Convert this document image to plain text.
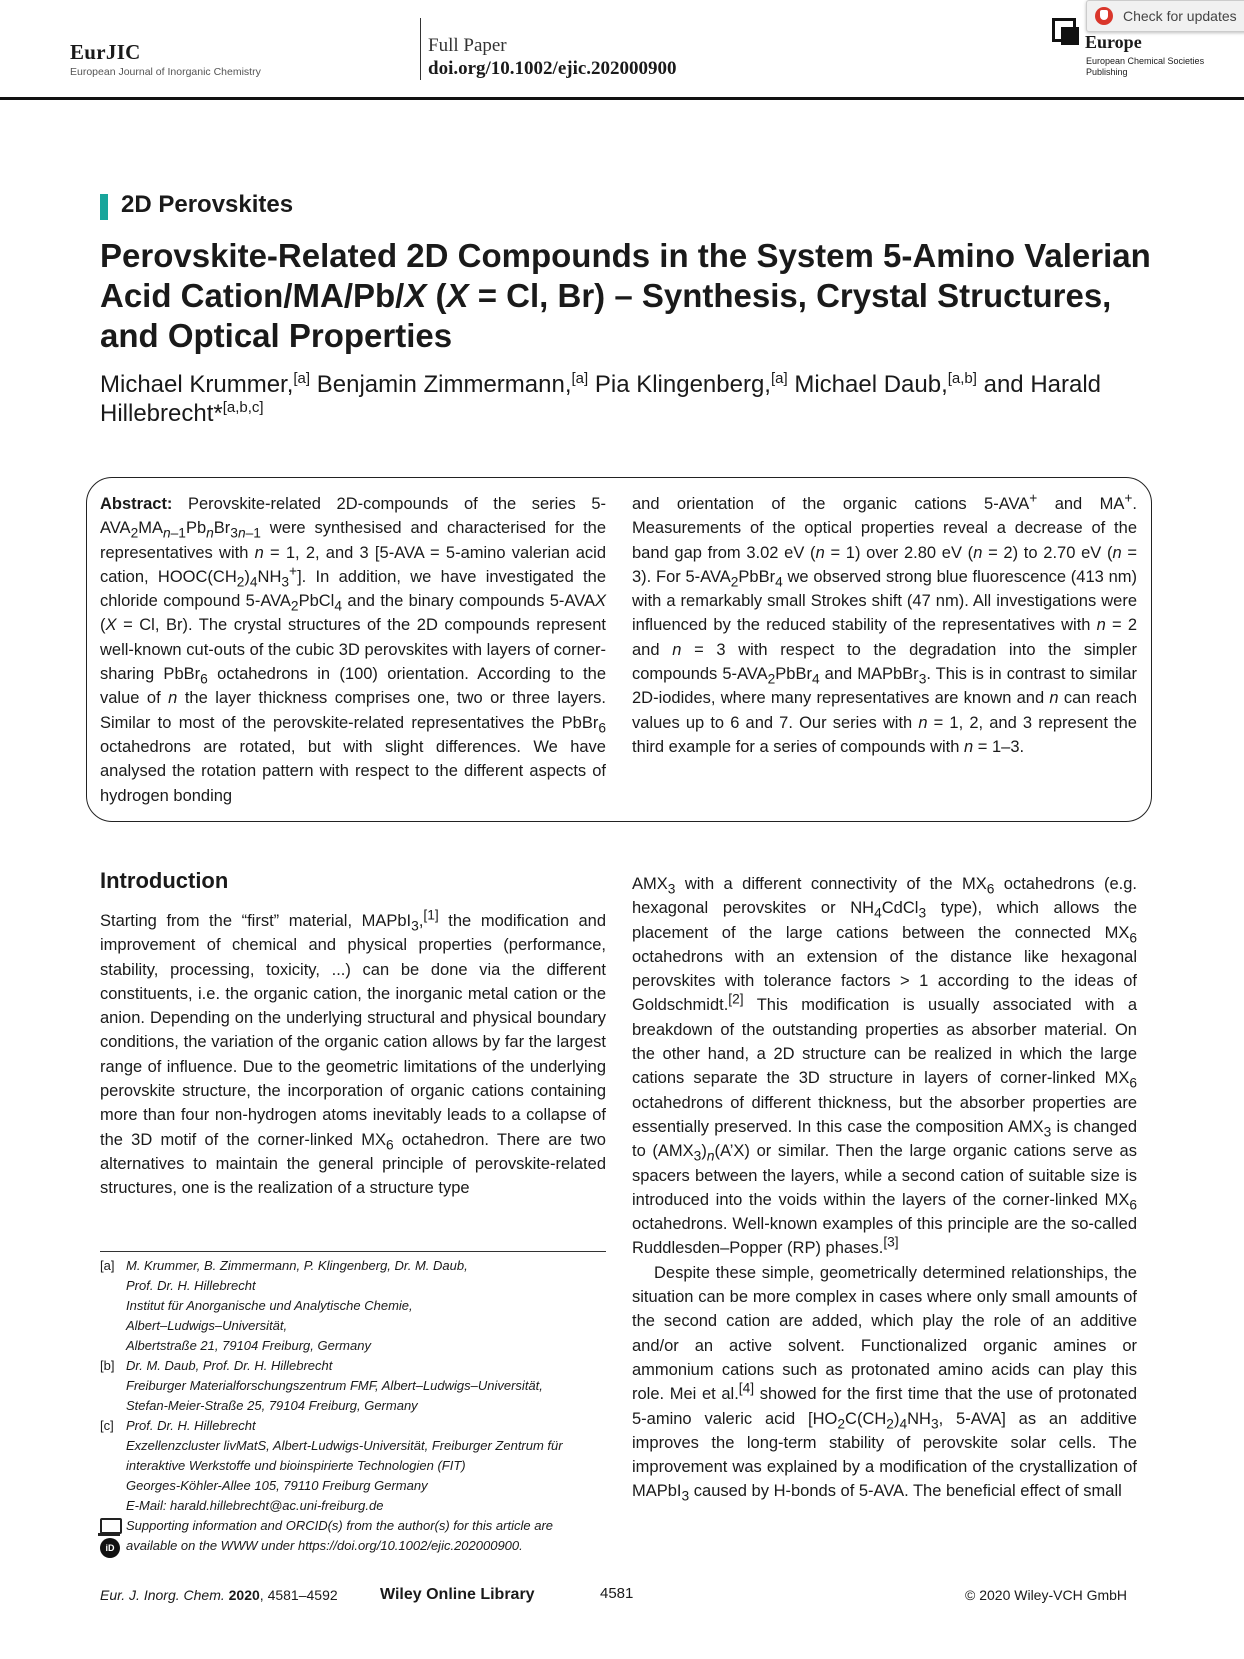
EurJIC
European Journal of Inorganic Chemistry
Full Paper
doi.org/10.1002/ejic.202000900
Europe
European Chemical Societies Publishing
Check for updates
2D Perovskites
Perovskite-Related 2D Compounds in the System 5-Amino Valerian Acid Cation/MA/Pb/X (X = Cl, Br) – Synthesis, Crystal Structures, and Optical Properties
Michael Krummer,[a] Benjamin Zimmermann,[a] Pia Klingenberg,[a] Michael Daub,[a,b] and Harald Hillebrecht*[a,b,c]
Abstract: Perovskite-related 2D-compounds of the series $5-AVA_2MA_{n-1}Pb_nBr_{3n-1}$ were synthesised and characterised for the representatives with n = 1, 2, and 3 [5-AVA = 5-amino valerian acid cation, $HOOC(CH_2)_4NH_3^+$]. In addition, we have investigated the chloride compound $5-AVA_2PbCl_4$ and the binary compounds 5-AVAX (X = Cl, Br). The crystal structures of the 2D compounds represent well-known cut-outs of the cubic 3D perovskites with layers of corner-sharing PbBr$_6$ octahedrons in (100) orientation. According to the value of n the layer thickness comprises one, two or three layers. Similar to most of the perovskite-related representatives the PbBr$_6$ octahedrons are rotated, but with slight differences. We have analysed the rotation pattern with respect to the different aspects of hydrogen bonding
and orientation of the organic cations 5-AVA+ and MA+. Measurements of the optical properties reveal a decrease of the band gap from 3.02 eV (n = 1) over 2.80 eV (n = 2) to 2.70 eV (n = 3). For $5-AVA_2PbBr_4$ we observed strong blue fluorescence (413 nm) with a remarkably small Strokes shift (47 nm). All investigations were influenced by the reduced stability of the representatives with n = 2 and n = 3 with respect to the degradation into the simpler compounds $5-AVA_2PbBr_4$ and MAPbBr$_3$. This is in contrast to similar 2D-iodides, where many representatives are known and n can reach values up to 6 and 7. Our series with n = 1, 2, and 3 represent the third example for a series of compounds with n = 1–3.
Introduction
Starting from the “first” material, MAPbI$_3$,[1] the modification and improvement of chemical and physical properties (performance, stability, processing, toxicity, ...) can be done via the different constituents, i.e. the organic cation, the inorganic metal cation or the anion. Depending on the underlying structural and physical boundary conditions, the variation of the organic cation allows by far the largest range of influence. Due to the geometric limitations of the underlying perovskite structure, the incorporation of organic cations containing more than four non-hydrogen atoms inevitably leads to a collapse of the 3D motif of the corner-linked $MX_6$ octahedron. There are two alternatives to maintain the general principle of perovskite-related structures, one is the realization of a structure type

$AMX_3$ with a different connectivity of the $MX_6$ octahedrons (e.g. hexagonal perovskites or $NH_4CdCl_3$ type), which allows the placement of the large cations between the connected $MX_6$ octahedrons with an extension of the distance like hexagonal perovskites with tolerance factors > 1 according to the ideas of Goldschmidt.[2] This modification is usually associated with a breakdown of the outstanding properties as absorber material. On the other hand, a 2D structure can be realized in which the large cations separate the 3D structure in layers of corner-linked $MX_6$ octahedrons of different thickness, but the absorber properties are essentially preserved. In this case the composition $AMX_3$ is changed to $(AMX_3)_n(A’X)$ or similar. Then the large organic cations serve as spacers between the layers, while a second cation of suitable size is introduced into the voids within the layers of the corner-linked $MX_6$ octahedrons. Well-known examples of this principle are the so-called Ruddlesden–Popper (RP) phases.[3]

Despite these simple, geometrically determined relationships, the situation can be more complex in cases where only small amounts of the second cation are added, which play the role of an additive and/or an active solvent. Functionalized organic amines or ammonium cations such as protonated amino acids can play this role. Mei et al.[4] showed for the first time that the use of protonated 5-amino valeric acid [$HO_2C(CH_2)_4NH_3$, 5-AVA] as an additive improves the long-term stability of perovskite solar cells. The improvement was explained by a modification of the crystallization of MAPbI$_3$ caused by H-bonds of 5-AVA. The beneficial effect of small

[a] M. Krummer, B. Zimmermann, P. Klingenberg, Dr. M. Daub,
Prof. Dr. H. Hillebrecht
Institut für Anorganische und Analytische Chemie,
Albert–Ludwigs–Universität,
Albertstraße 21, 79104 Freiburg, Germany
[b] Dr. M. Daub, Prof. Dr. H. Hillebrecht
Freiburger Materialforschungszentrum FMF, Albert–Ludwigs–Universität,
Stefan-Meier-Straße 25, 79104 Freiburg, Germany
[c] Prof. Dr. H. Hillebrecht
Exzellenzcluster livMatS, Albert-Ludwigs-Universität, Freiburger Zentrum für
interaktive Werkstoffe und bioinspirierte Technologien (FIT)
Georges-Köhler-Allee 105, 79110 Freiburg Germany
E-Mail: harald.hillebrecht@ac.uni-freiburg.de
iD
Supporting information and ORCID(s) from the author(s) for this article are
available on the WWW under https://doi.org/10.1002/ejic.202000900.
Eur. J. Inorg. Chem. 2020, 4581–4592	Wiley Online Library	4581	© 2020 Wiley-VCH GmbH
